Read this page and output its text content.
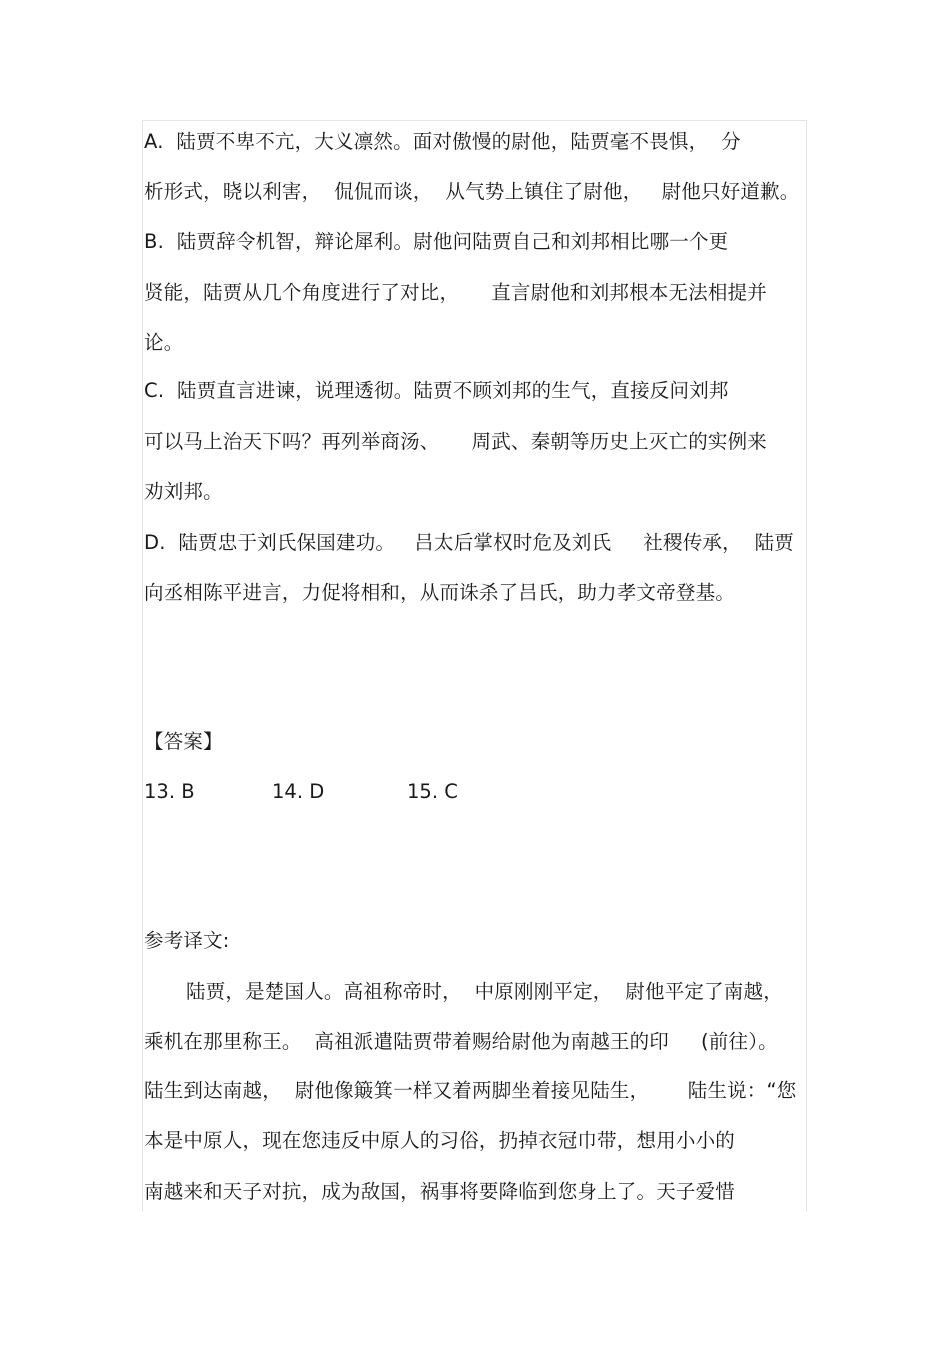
A.  陆贾不卑不亢，大义凛然。面对傲慢的尉他，陆贾毫不畏惧，  分
析形式，晓以利害，  侃侃而谈，  从气势上镇住了尉他，   尉他只好道歉。
B.  陆贾辞令机智，辩论犀利。尉他问陆贾自己和刘邦相比哪一个更
贤能，陆贾从几个角度进行了对比，     直言尉他和刘邦根本无法相提并
论。
C.  陆贾直言进谏，说理透彻。陆贾不顾刘邦的生气，直接反问刘邦
可以马上治天下吗？再列举商汤、     周武、秦朝等历史上灭亡的实例来
劝刘邦。
D.  陆贾忠于刘氏保国建功。   吕太后掌权时危及刘氏     社稷传承，  陆贾
向丞相陈平进言，力促将相和，从而诛杀了吕氏，助力孝文帝登基。
【答案】
13. B	14. D	15. C
参考译文:
陆贾，是楚国人。高祖称帝时，  中原刚刚平定，  尉他平定了南越，
乘机在那里称王。  高祖派遣陆贾带着赐给尉他为南越王的印     (前往）。
陆生到达南越，  尉他像簸箕一样又着两脚坐着接见陆生，      陆生说：“您
本是中原人，现在您违反中原人的习俗，扔掉衣冠巾带，想用小小的
南越来和天子对抗，成为敌国，祸事将要降临到您身上了。天子爱惜
